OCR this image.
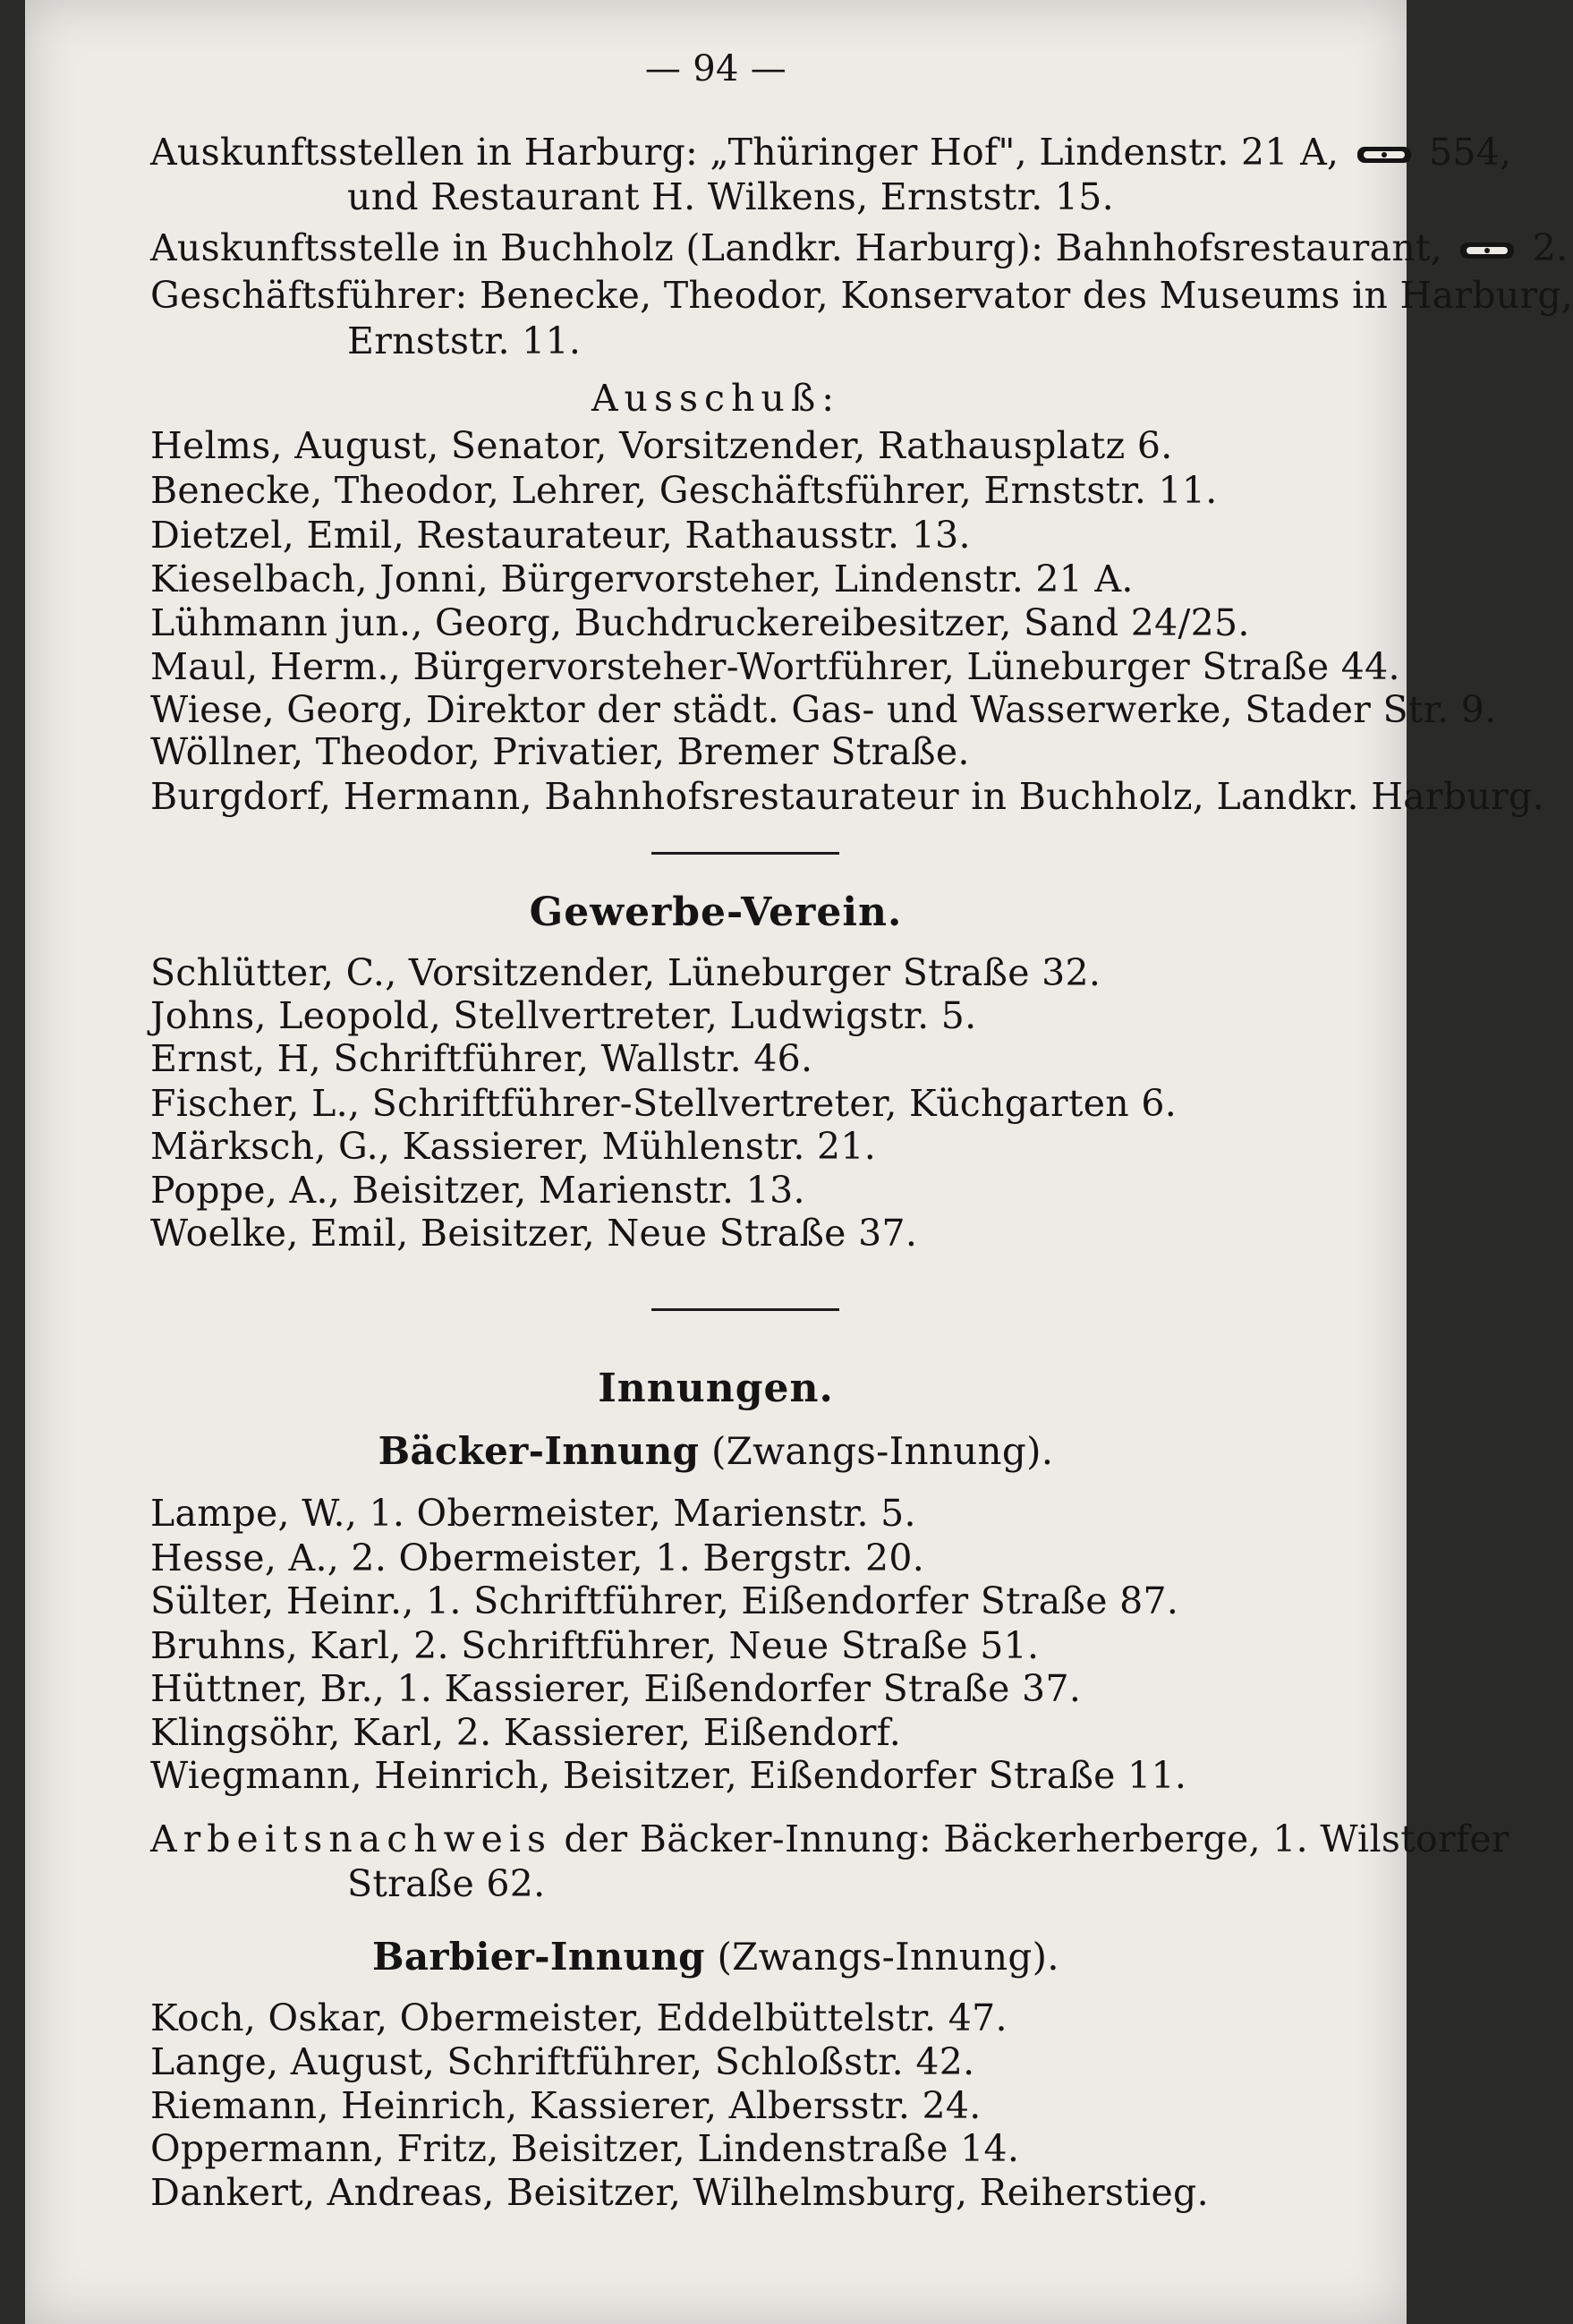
— 94 —
Auskunftsstellen in Harburg: „Thüringer Hof", Lindenstr. 21 A, 554,
und Restaurant H. Wilkens, Ernststr. 15.
Auskunftsstelle in Buchholz (Landkr. Harburg): Bahnhofsrestaurant, 2.
Geschäftsführer: Benecke, Theodor, Konservator des Museums in Harburg,
Ernststr. 11.
Ausschuß:
Helms, August, Senator, Vorsitzender, Rathausplatz 6.
Benecke, Theodor, Lehrer, Geschäftsführer, Ernststr. 11.
Dietzel, Emil, Restaurateur, Rathausstr. 13.
Kieselbach, Jonni, Bürgervorsteher, Lindenstr. 21 A.
Lühmann jun., Georg, Buchdruckereibesitzer, Sand 24/25.
Maul, Herm., Bürgervorsteher-Wortführer, Lüneburger Straße 44.
Wiese, Georg, Direktor der städt. Gas- und Wasserwerke, Stader Str. 9.
Wöllner, Theodor, Privatier, Bremer Straße.
Burgdorf, Hermann, Bahnhofsrestaurateur in Buchholz, Landkr. Harburg.
Gewerbe-Verein.
Schlütter, C., Vorsitzender, Lüneburger Straße 32.
Johns, Leopold, Stellvertreter, Ludwigstr. 5.
Ernst, H, Schriftführer, Wallstr. 46.
Fischer, L., Schriftführer-Stellvertreter, Küchgarten 6.
Märksch, G., Kassierer, Mühlenstr. 21.
Poppe, A., Beisitzer, Marienstr. 13.
Woelke, Emil, Beisitzer, Neue Straße 37.
Innungen.
Bäcker-Innung (Zwangs-Innung).
Lampe, W., 1. Obermeister, Marienstr. 5.
Hesse, A., 2. Obermeister, 1. Bergstr. 20.
Sülter, Heinr., 1. Schriftführer, Eißendorfer Straße 87.
Bruhns, Karl, 2. Schriftführer, Neue Straße 51.
Hüttner, Br., 1. Kassierer, Eißendorfer Straße 37.
Klingsöhr, Karl, 2. Kassierer, Eißendorf.
Wiegmann, Heinrich, Beisitzer, Eißendorfer Straße 11.
Arbeitsnachweis der Bäcker-Innung: Bäckerherberge, 1. Wilstorfer
Straße 62.
Barbier-Innung (Zwangs-Innung).
Koch, Oskar, Obermeister, Eddelbüttelstr. 47.
Lange, August, Schriftführer, Schloßstr. 42.
Riemann, Heinrich, Kassierer, Albersstr. 24.
Oppermann, Fritz, Beisitzer, Lindenstraße 14.
Dankert, Andreas, Beisitzer, Wilhelmsburg, Reiherstieg.
